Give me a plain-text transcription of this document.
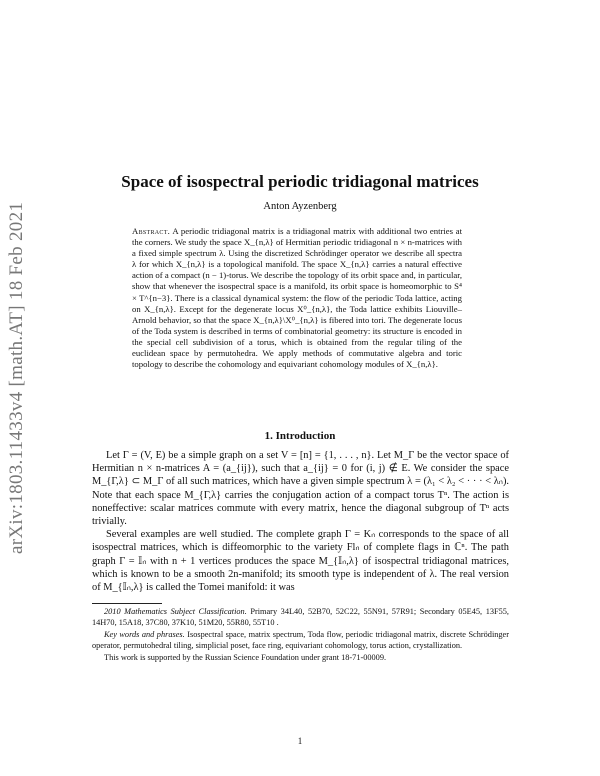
arXiv:1803.11433v4 [math.AT] 18 Feb 2021
Space of isospectral periodic tridiagonal matrices
Anton Ayzenberg
Abstract. A periodic tridiagonal matrix is a tridiagonal matrix with additional two entries at the corners. We study the space X_{n,λ} of Hermitian periodic tridiagonal n × n-matrices with a fixed simple spectrum λ. Using the discretized Schrödinger operator we describe all spectra λ for which X_{n,λ} is a topological manifold. The space X_{n,λ} carries a natural effective action of a compact (n − 1)-torus. We describe the topology of its orbit space and, in particular, show that whenever the isospectral space is a manifold, its orbit space is homeomorphic to S⁴ × T^{n−3}. There is a classical dynamical system: the flow of the periodic Toda lattice, acting on X_{n,λ}. Except for the degenerate locus X⁰_{n,λ}, the Toda lattice exhibits Liouville–Arnold behavior, so that the space X_{n,λ}\X⁰_{n,λ} is fibered into tori. The degenerate locus of the Toda system is described in terms of combinatorial geometry: its structure is encoded in the special cell subdivision of a torus, which is obtained from the regular tiling of the euclidean space by permutohedra. We apply methods of commutative algebra and toric topology to describe the cohomology and equivariant cohomology modules of X_{n,λ}.
1. Introduction

Let Γ = (V, E) be a simple graph on a set V = [n] = {1, . . . , n}. Let M_Γ be the vector space of Hermitian n × n-matrices A = (a_{ij}), such that a_{ij} = 0 for (i, j) ∉ E. We consider the space M_{Γ,λ} ⊂ M_Γ of all such matrices, which have a given simple spectrum λ = (λ₁ < λ₂ < · · · < λₙ). Note that each space M_{Γ,λ} carries the conjugation action of a compact torus Tⁿ. The action is noneffective: scalar matrices commute with every matrix, hence the diagonal subgroup of Tⁿ acts trivially.

Several examples are well studied. The complete graph Γ = Kₙ corresponds to the space of all isospectral matrices, which is diffeomorphic to the variety Flₙ of complete flags in ℂⁿ. The path graph Γ = 𝕀ₙ with n + 1 vertices produces the space M_{𝕀ₙ,λ} of isospectral tridiagonal matrices, which is known to be a smooth 2n-manifold; its smooth type is independent of λ. The real version of M_{𝕀ₙ,λ} is called the Tomei manifold: it was

2010 Mathematics Subject Classification. Primary 34L40, 52B70, 52C22, 55N91, 57R91; Secondary 05E45, 13F55, 14H70, 15A18, 37C80, 37K10, 51M20, 55R80, 55T10 .

Key words and phrases. Isospectral space, matrix spectrum, Toda flow, periodic tridiagonal matrix, discrete Schrödinger operator, permutohedral tiling, simplicial poset, face ring, equivariant cohomology, torus action, crystallization.

This work is supported by the Russian Science Foundation under grant 18-71-00009.

1
